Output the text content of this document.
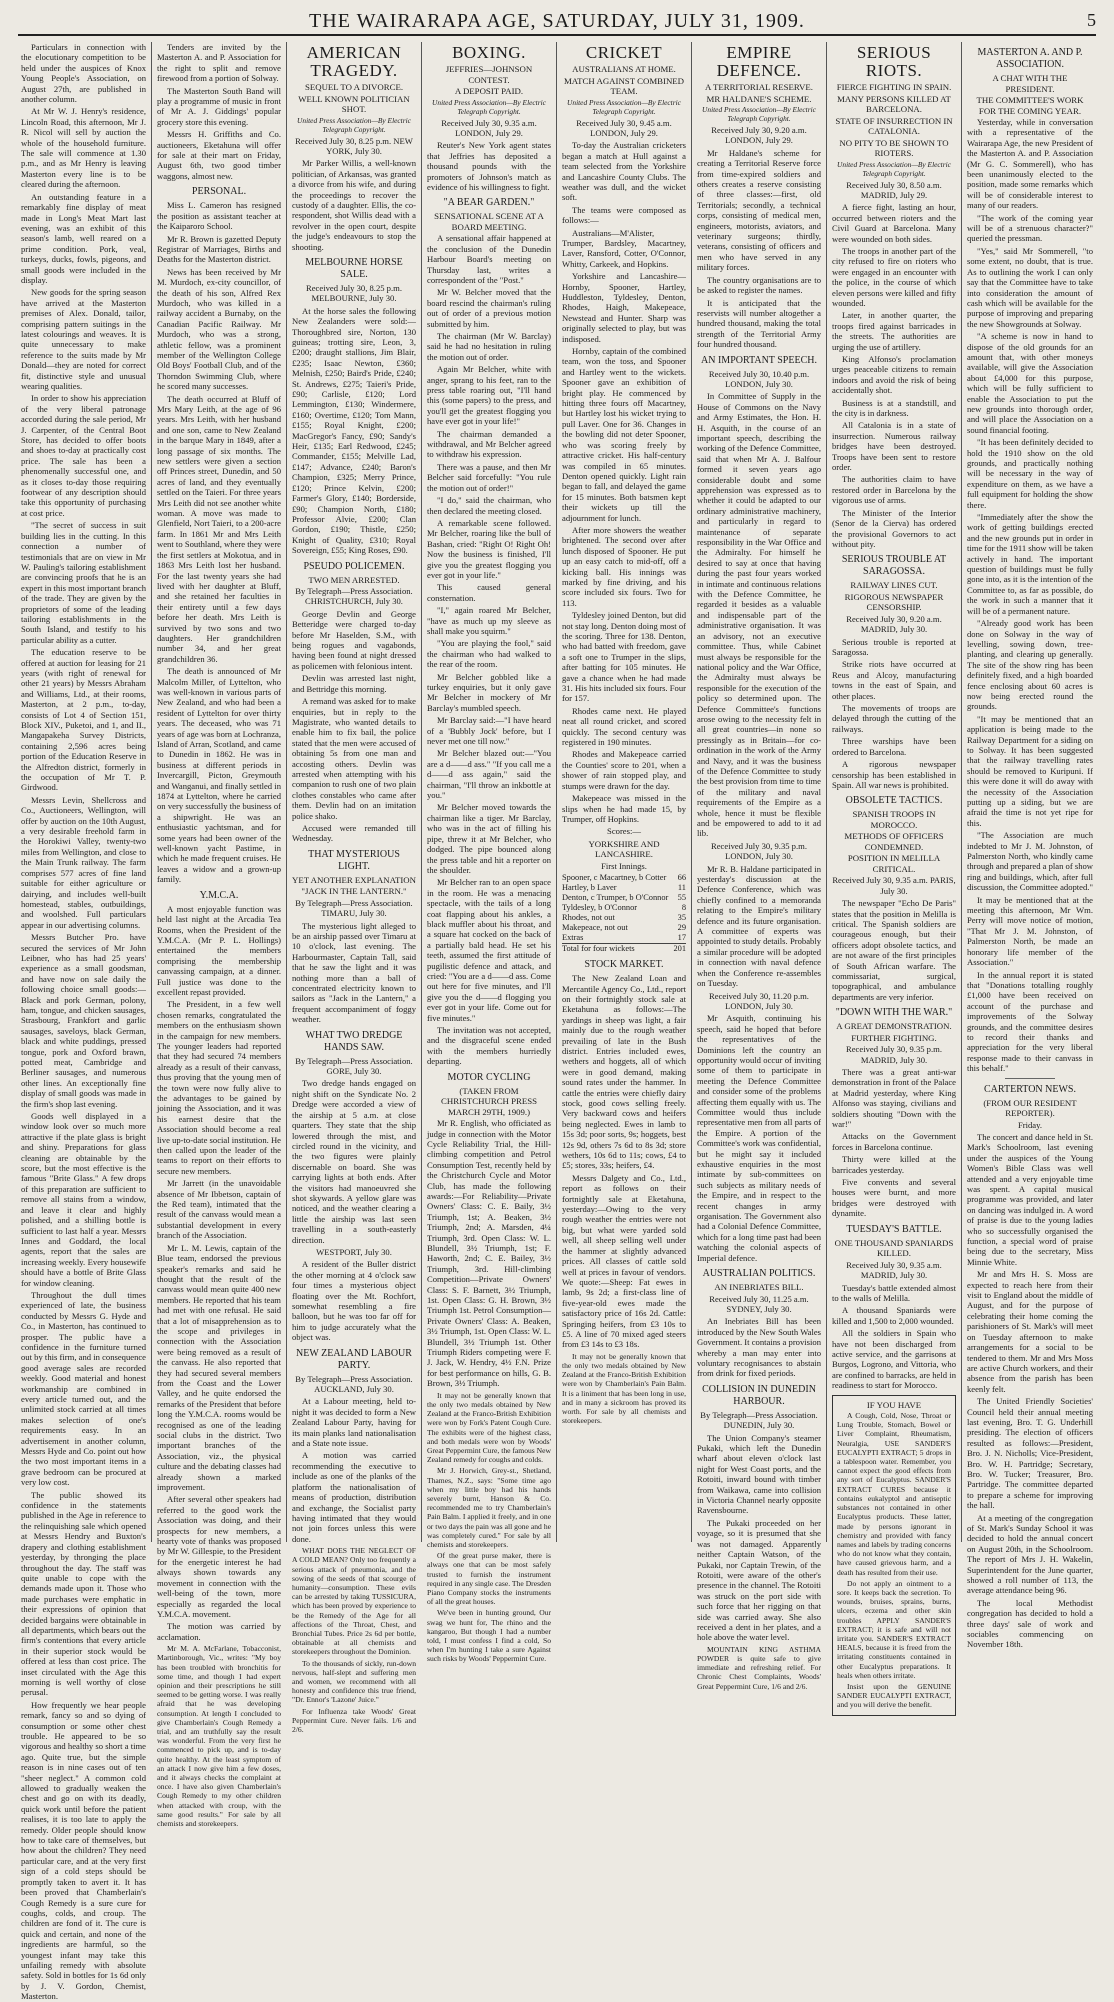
THE WAIRARAPA AGE, SATURDAY, JULY 31, 1909.	5

Particulars in connection with the elocutionary competition to be held under the auspices of Knox Young People's Association, on August 27th, are published in another column.

At Mr W. J. Henry's residence, Lincoln Road, this afternoon, Mr J. R. Nicol will sell by auction the whole of the household furniture. The sale will commence at 1.30 p.m., and as Mr Henry is leaving Masterton every line is to be cleared during the afternoon.

An outstanding feature in a remarkably fine display of meat made in Long's Meat Mart last evening, was an exhibit of this season's lamb, well reared on a prime condition. Pork, veal, turkeys, ducks, fowls, pigeons, and small goods were included in the display.

New goods for the spring season have arrived at the Masterton premises of Alex. Donald, tailor, comprising pattern suitings in the latest colourings and weaves. It is quite unnecessary to make reference to the suits made by Mr Donald—they are noted for correct fit, distinctive style and unusual wearing qualities.

In order to show his appreciation of the very liberal patronage accorded during the sale period, Mr J. Carpenter, of the Central Boot Store, has decided to offer boots and shoes to-day at practically cost price. The sale has been a phenomenally successful one, and as it closes to-day those requiring footwear of any description should take this opportunity of purchasing at cost price.

"The secret of success in suit building lies in the cutting. In this connection a number of testimonials that are on view in Mr W. Pauling's tailoring establishment are convincing proofs that he is an expert in this most important branch of the trade. They are given by the proprietors of some of the leading tailoring establishments in the South Island, and testify to his particular ability as a cutter.

The education reserve to be offered at auction for leasing for 21 years (with right of renewal for other 21 years) by Messrs Abraham and Williams, Ltd., at their rooms, Masterton, at 2 p.m., to-day, consists of Lot 4 of Section 151, Block XIV., Puketoi, and 1, and II., Mangapakeha Survey Districts, containing 2,596 acres being portion of the Education Reserve in the Alfredton district, formerly in the occupation of Mr T. P. Girdwood.

Messrs Levin, Shellcross and Co., Auctioneers, Wellington, will offer by auction on the 10th August, a very desirable freehold farm in the Horokiwi Valley, twenty-two miles from Wellington, and close to the Main Trunk railway. The farm comprises 577 acres of fine land suitable for either agriculture or dairying, and includes well-built homestead, stables, outbuildings, and woolshed. Full particulars appear in our advertising columns.

Messrs Butcher Pro. have secured the services of Mr John Leibner, who has had 25 years' experience as a small goodsman, and have now on sale daily the following choice small goods:—Black and pork German, polony, ham, tongue, and chicken sausages, Strasbourg, Frankfort and garlic sausages, saveloys, black German, black and white puddings, pressed tongue, pork and Oxford brawn, potted meat, Cambridge and Berliner sausages, and numerous other lines. An exceptionally fine display of small goods was made in the firm's shop last evening.

Goods well displayed in a window look over so much more attractive if the plate glass is bright and shiny. Preparations for glass cleaning are obtainable by the score, but the most effective is the famous "Brite Glass." A few drops of this preparation are sufficient to remove all stains from a window, and leave it clear and highly polished, and a shilling bottle is sufficient to last half a year. Messrs Innes and Goddard, the local agents, report that the sales are increasing weekly. Every housewife should have a bottle of Brite Glass for window cleaning.

Throughout the dull times experienced of late, the business conducted by Messrs G. Hyde and Co., in Masterton, has continued to prosper. The public have a confidence in the furniture turned out by this firm, and in consequence good average sales are recorded weekly. Good material and honest workmanship are combined in every article turned out, and the unlimited stock carried at all times makes selection of one's requirements easy. In an advertisement in another column, Messrs Hyde and Co. point out how the two most important items in a grave bedroom can be procured at very low cost.

The public showed its confidence in the statements published in the Age in reference to the relinquishing sale which opened at Messrs Hendry and Buxton's drapery and clothing establishment yesterday, by thronging the place throughout the day. The staff was quite unable to cope with the demands made upon it. Those who made purchases were emphatic in their expressions of opinion that decided bargains were obtainable in all departments, which bears out the firm's contentions that every article in their superior stock would be offered at less than cost price. The inset circulated with the Age this morning is well worthy of close perusal.

How frequently we hear people remark, fancy so and so dying of consumption or some other chest trouble. He appeared to be so vigorous and healthy so short a time ago. Quite true, but the simple reason is in nine cases out of ten "sheer neglect." A common cold allowed to gradually weaken the chest and go on with its deadly, quick work until before the patient realises, it is too late to apply the remedy. Older people should know how to take care of themselves, but how about the children? They need particular care, and at the very first sign of a cold steps should be promptly taken to avert it. It has been proved that Chamberlain's Cough Remedy is a sure cure for coughs, colds, and croup. The children are fond of it. The cure is quick and certain, and none of the ingredients are harmful, so the youngest infant may take this unfailing remedy with absolute safety. Sold in bottles for 1s 6d only by J. V. Gordon, Chemist, Masterton.

Tenders are invited by the Masterton A. and P. Association for the right to split and remove firewood from a portion of Solway.

The Masterton South Band will play a programme of music in front of Mr A. J. Giddings' popular grocery store this evening.

Messrs H. Griffiths and Co. auctioneers, Eketahuna will offer for sale at their mart on Friday, August 6th, two good timber waggons, almost new.

PERSONAL.

Miss L. Cameron has resigned the position as assistant teacher at the Kaiparoro School.

Mr R. Brown is gazetted Deputy Registrar of Marriages, Births and Deaths for the Masterton district.

News has been received by Mr M. Murdoch, ex-city councillor, of the death of his son, Alfred Rex Murdoch, who was killed in a railway accident a Burnaby, on the Canadian Pacific Railway. Mr Murdoch, who was a strong, athletic fellow, was a prominent member of the Wellington College Old Boys' Football Club, and of the Thorndon Swimming Club, where he scored many successes.

The death occurred at Bluff of Mrs Mary Leith, at the age of 96 years. Mrs Leith, with her husband and one son, came to New Zealand in the barque Mary in 1849, after a long passage of six months. The new settlers were given a section off Princes street, Dunedin, and 50 acres of land, and they eventually settled on the Taieri. For three years Mrs Leith did not see another white woman. A move was made to Glenfield, Nort Taieri, to a 200-acre farm. In 1861 Mr and Mrs Leith went to Southland, where they were the first settlers at Mokotua, and in 1863 Mrs Leith lost her husband. For the last twenty years she had lived with her daughter at Bluff, and she retained her faculties in their entirety until a few days before her death. Mrs Leith is survived by two sons and two daughters. Her grandchildren number 34, and her great grandchildren 36.

The death is announced of Mr Malcolm Miller, of Lyttelton, who was well-known in various parts of New Zealand, and who had been a resident of Lyttelton for over thirty years. The deceased, who was 71 years of age was born at Lochranza, Island of Arran, Scotland, and came to Dunedin in 1862. He was in business at different periods in Invercargill, Picton, Greymouth and Wanganui, and finally settled in 1874 at Lyttelton, where he carried on very successfully the business of a shipwright. He was an enthusiastic yachtsman, and for some years had been owner of the well-known yacht Pastime, in which he made frequent cruises. He leaves a widow and a grown-up family.

Y.M.C.A.

A most enjoyable function was held last night at the Arcadia Tea Rooms, when the President of the Y.M.C.A. (Mr P. L. Hollings) entertained the members comprising the membership canvassing campaign, at a dinner. Full justice was done to the excellent repast provided.

The President, in a few well chosen remarks, congratulated the members on the enthusiasm shown in the campaign for new members. The younger leaders had reported that they had secured 74 members already as a result of their canvass, thus proving that the young men of the town were now fully alive to the advantages to be gained by joining the Association, and it was his earnest desire that the Association should become a real live up-to-date social institution. He then called upon the leader of the teams to report on their efforts to secure new members.

Mr Jarrett (in the unavoidable absence of Mr Ibbetson, captain of the Red team), intimated that the result of the canvass would mean a substantial development in every branch of the Association.

Mr L. M. Lewis, captain of the Blue team, endorsed the previous speaker's remarks and said he thought that the result of the canvass would mean quite 400 new members. He reported that his team had met with one refusal. He said that a lot of misapprehension as to the scope and privileges in connection with the Association were being removed as a result of the canvass. He also reported that they had secured several members from the Coast and the Lower Valley, and he quite endorsed the remarks of the President that before long the Y.M.C.A. rooms would be recognised as one of the leading social clubs in the district. Two important branches of the Association, viz., the physical culture and the debating classes had already shown a marked improvement.

After several other speakers had referred to the good work the Association was doing, and their prospects for new members, a hearty vote of thanks was proposed by Mr W. Gillespie, to the President for the energetic interest he had always shown towards any movement in connection with the well-being of the town, more especially as regarded the local Y.M.C.A. movement.

The motion was carried by acclamation.

Mr M. A. McFarlane, Tobacconist, Martinborough, Vic., writes: "My boy has been troubled with bronchitis for some time, and though I had expert opinion and their prescriptions he still seemed to be getting worse. I was really afraid that he was developing consumption. At length I concluded to give Chamberlain's Cough Remedy a trial, and am truthfully say the result was wonderful. From the very first he commenced to pick up, and is to-day quite healthy. At the least symptom of an attack I now give him a few doses, and it always checks the complaint at once. I have also given Chamberlain's Cough Remedy to my other children when attacked with croup, with the same good results." For sale by all chemists and storekeepers.

AMERICAN TRAGEDY.
SEQUEL TO A DIVORCE.
WELL KNOWN POLITICIAN SHOT.
United Press Association—By Electric Telegraph Copyright.

Received July 30, 8.25 p.m. NEW YORK, July 30.

Mr Parker Willis, a well-known politician, of Arkansas, was granted a divorce from his wife, and during the proceedings to recover the custody of a daughter. Ellis, the co-respondent, shot Willis dead with a revolver in the open court, despite the judge's endeavours to stop the shooting.

MELBOURNE HORSE SALE.

Received July 30, 8.25 p.m. MELBOURNE, July 30.

At the horse sales the following New Zealanders were sold:—Thoroughbred sire, Norton, 130 guineas; trotting sire, Leon, 3, £200; draught stallions, Jim Blair, £235; Isaac Newton, £360; Melnish, £250; Baird's Pride, £240; St. Andrews, £275; Taieri's Pride, £90; Carlisle, £120; Lord Lemmington, £130; Windermere, £160; Overtime, £120; Tom Mann, £155; Royal Knight, £200; MacGregor's Fancy, £90; Sandy's Heir, £135; Earl Redwood, £245; Commander, £155; Melville Lad, £147; Advance, £240; Baron's Champion, £325; Merry Prince, £120; Prince Kelvin, £200; Farmer's Glory, £140; Borderside, £90; Champion North, £180; Professor Alvie, £200; Clan Gordon, £190; Thistle, £250; Knight of Quality, £310; Royal Sovereign, £55; King Roses, £90.

PSEUDO POLICEMEN.
TWO MEN ARRESTED.

By Telegraph—Press Association. CHRISTCHURCH, July 30.

George Devlin and George Betteridge were charged to-day before Mr Haselden, S.M., with being rogues and vagabonds, having been found at night dressed as policemen with felonious intent.

Devlin was arrested last night, and Bettridge this morning.

A remand was asked for to make enquiries, but in reply to the Magistrate, who wanted details to enable him to fix bail, the police stated that the men were accused of obtaining 5s from one man and accosting others. Devlin was arrested when attempting with his companion to rush one of two plain clothes constables who came after them. Devlin had on an imitation police shako.

Accused were remanded till Wednesday.

THAT MYSTERIOUS LIGHT.
YET ANOTHER EXPLANATION
"JACK IN THE LANTERN."

By Telegraph—Press Association. TIMARU, July 30.

The mysterious light alleged to be an airship passed over Timaru at 10 o'clock, last evening. The Harbourmaster, Captain Tall, said that he saw the light and it was nothing more than a ball of concentrated electricity known to sailors as "Jack in the Lantern," a frequent accompaniment of foggy weather.

WHAT TWO DREDGE HANDS SAW.

By Telegraph—Press Association. GORE, July 30.

Two dredge hands engaged on night shift on the Syndicate No. 2 Dredge were accorded a view of the airship at 5 a.m. at close quarters. They state that the ship lowered through the mist, and circled round in the vicinity, and the two figures were plainly discernable on board. She was carrying lights at both ends. After the visitors had manoeuvred she shot skywards. A yellow glare was noticed, and the weather clearing a little the airship was last seen travelling in a south-easterly direction.

WESTPORT, July 30.

A resident of the Buller district the other morning at 4 o'clock saw four times a mysterious object floating over the Mt. Rochfort, somewhat resembling a fire balloon, but he was too far off for him to judge accurately what the object was.

NEW ZEALAND LABOUR PARTY.

By Telegraph—Press Association. AUCKLAND, July 30.

At a Labour meeting, held to-night it was decided to form a New Zealand Labour Party, having for its main planks land nationalisation and a State note issue.

A motion was carried recommending the executive to include as one of the planks of the platform the nationalisation of means of production, distribution and exchange, the Socialist party having intimated that they would not join forces unless this were done.

WHAT DOES THE NEGLECT OF A COLD MEAN? Only too frequently a serious attack of pneumonia, and the sowing of the seeds of that scourge of humanity—consumption. These evils can be arrested by taking TUSSICURA, which has been proved by experience to be the Remedy of the Age for all affections of the Throat, Chest, and Bronchial Tubes. Price 2s 6d per bottle, obtainable at all chemists and storekeepers throughout the Dominion.

To the thousands of sickly, run-down nervous, half-slept and suffering men and women, we recommend with all honesty and confidence this true friend, "Dr. Ennor's 'Lazone' Juice."

For Influenza take Woods' Great Peppermint Cure. Never fails. 1/6 and 2/6.

BOXING.
JEFFRIES—JOHNSON CONTEST.
A DEPOSIT PAID.
United Press Association—By Electric Telegraph Copyright.

Received July 30, 9.35 a.m. LONDON, July 29.

Reuter's New York agent states that Jeffries has deposited a thousand pounds with the promoters of Johnson's match as evidence of his willingness to fight.

"A BEAR GARDEN."
SENSATIONAL SCENE AT A BOARD MEETING.

A sensational affair happened at the conclusion of the Dunedin Harbour Board's meeting on Thursday last, writes a correspondent of the "Post."

Mr W. Belcher moved that the board rescind the chairman's ruling out of order of a previous motion submitted by him.

The chairman (Mr W. Barclay) said he had no hesitation in ruling the motion out of order.

Again Mr Belcher, white with anger, sprang to his feet, ran to the press table roaring out, "I'll hand this (some papers) to the press, and you'll get the greatest flogging you have ever got in your life!"

The chairman demanded a withdrawal, and Mr Belcher agreed to withdraw his expression.

There was a pause, and then Mr Belcher said forcefully: "You rule the motion out of order!"

"I do," said the chairman, who then declared the meeting closed.

A remarkable scene followed. Mr Belcher, roaring like the bull of Bashan, cried: "Right O! Right Oh! Now the business is finished, I'll give you the greatest flogging you ever got in your life."

This caused general consternation.

"I," again roared Mr Belcher, "have as much up my sleeve as shall make you squirm."

"You are playing the fool," said the chairman who had walked to the rear of the room.

Mr Belcher gobbled like a turkey enquiries, but it only gave Mr Belcher in mockery of Mr Barclay's mumbled speech.

Mr Barclay said:—"I have heard of a 'Bubbly Jock' before, but I never met one till now."

Mr Belcher blazed out:—"You are a d——d ass." "If you call me a d——d ass again," said the chairman, "I'll throw an inkbottle at you."

Mr Belcher moved towards the chairman like a tiger. Mr Barclay, who was in the act of filling his pipe, threw it at Mr Belcher, who dodged. The pipe bounced along the press table and hit a reporter on the shoulder.

Mr Belcher ran to an open space in the room. He was a menacing spectacle, with the tails of a long coat flapping about his ankles, a black muffler about his throat, and a square hat cocked on the back of a partially bald head. He set his teeth, assumed the first attitude of pugilistic defence and attack, and cried: "You are a d——d ass. Come out here for five minutes, and I'll give you the d——d flogging you ever got in your life. Come out for five minutes."

The invitation was not accepted, and the disgraceful scene ended with the members hurriedly departing.

MOTOR CYCLING
(TAKEN FROM CHRISTCHURCH PRESS MARCH 29TH, 1909.)

Mr R. English, who officiated as judge in connection with the Motor Cycle Reliability Trial, the Hill-climbing competition and Petrol Consumption Test, recently held by the Christchurch Cycle and Motor Club, has made the following awards:—For Reliability—Private Owners' Class: C. E. Baily, 3½ Triumph, 1st; A. Beaken, 3½ Triumph, 2nd; A. Marsden, 4¼ Triumph, 3rd. Open Class: W. L. Blundell, 3½ Triumph, 1st; F. Haworth, 2nd; C. E. Bailey, 3½ Triumph, 3rd. Hill-climbing Competition—Private Owners' Class: S. F. Barnett, 3½ Triumph, 1st. Open Class: G. H. Brown, 3½ Triumph 1st. Petrol Consumption—Private Owners' Class: A. Beaken, 3½ Triumph, 1st. Open Class: W. L. Blundell, 3½ Triumph 1st. Other Triumph Riders competing were F. J. Jack, W. Hendry, 4½ F.N. Prize for best performance on hills, G. B. Brown, 3½ Triumph.

It may not be generally known that the only two medals obtained by New Zealand at the Franco-British Exhibition were won by Fork's Patent Cough Cure. The exhibits were of the highest class, and both medals were won by Woods' Great Peppermint Cure, the famous New Zealand remedy for coughs and colds.

Mr J. Horwich, Grey-st., Shetland, Thames, N.Z., says: "Some time ago when my little boy had his hands severely burnt, Hanson & Co. recommended me to try Chamberlain's Pain Balm. I applied it freely, and in one or two days the pain was all gone and he was completely cured." For sale by all chemists and storekeepers.

Of the great purse maker, there is always one that can be most safely trusted to furnish the instrument required in any single case. The Dresden Piano Company stocks the instruments of all the great houses.

We've been in hunting ground, Our swag we hunt for, The rhino and the kangaroo, But though I had a number told, I must confess I find a cold, So when I'm hunting I take a sure Against such risks by Woods' Peppermint Cure.

CRICKET
AUSTRALIANS AT HOME.
MATCH AGAINST COMBINED TEAM.
United Press Association—By Electric Telegraph Copyright.

Received July 30, 9.45 a.m. LONDON, July 29.

To-day the Australian cricketers began a match at Hull against a team selected from the Yorkshire and Lancashire County Clubs. The weather was dull, and the wicket soft.

The teams were composed as follows:—

Australians—M'Alister, Trumper, Bardsley, Macartney, Laver, Ransford, Cotter, O'Connor, Whitty, Carkeek, and Hopkins.

Yorkshire and Lancashire—Hornby, Spooner, Hartley, Huddleston, Tyldesley, Denton, Rhodes, Haigh, Makepeace, Newstead and Hunter. Sharp was originally selected to play, but was indisposed.

Hornby, captain of the combined team, won the toss, and Spooner and Hartley went to the wickets. Spooner gave an exhibition of bright play. He commenced by hitting three fours off Macartney, but Hartley lost his wicket trying to pull Laver. One for 36. Changes in the bowling did not deter Spooner, who was scoring freely by attractive cricket. His half-century was compiled in 65 minutes. Denton opened quickly. Light rain began to fall, and delayed the game for 15 minutes. Both batsmen kept their wickets up till the adjournment for lunch.

After more showers the weather brightened. The second over after lunch disposed of Spooner. He put up an easy catch to mid-off, off a kicking ball. His innings was marked by fine driving, and his score included six fours. Two for 113.

Tyldesley joined Denton, but did not stay long. Denton doing most of the scoring. Three for 138. Denton, who had batted with freedom, gave a soft one to Trumper in the slips, after batting for 105 minutes. He gave a chance when he had made 31. His hits included six fours. Four for 157.

Rhodes came next. He played neat all round cricket, and scored quickly. The second century was registered in 190 minutes.

Rhodes and Makepeace carried the Counties' score to 201, when a shower of rain stopped play, and stumps were drawn for the day.

Makepeace was missed in the slips when he had made 15, by Trumper, off Hopkins.

Scores:—

YORKSHIRE AND LANCASHIRE.

First Innings.

Spooner, c Macartney, b Cotter	66
Hartley, b Laver	11
Denton, c Trumper, b O'Connor	55
Tyldesley, b O'Connor	8
Rhodes, not out	35
Makepeace, not out	29
Extras	17
Total for four wickets	201
STOCK MARKET.

The New Zealand Loan and Mercantile Agency Co., Ltd., report on their fortnightly stock sale at Eketahuna as follows:—The yardings in sheep was light, a fair mainly due to the rough weather prevailing of late in the Bush district. Entries included ewes, wethers and hoggets, all of which were in good demand, making sound rates under the hammer. In cattle the entries were chiefly dairy stock, good cows selling freely. Very backward cows and heifers being neglected. Ewes in lamb to 15s 3d; poor sorts, 9s; hoggets, best 12s 9d, others 7s 6d to 8s 3d; store wethers, 10s 6d to 11s; cows, £4 to £5; stores, 33s; heifers, £4.

Messrs Dalgety and Co., Ltd., report as follows on their fortnightly sale at Eketahuna, yesterday:—Owing to the very rough weather the entries were not big, but what were yarded sold well, all sheep selling well under the hammer at slightly advanced prices. All classes of cattle sold well at prices in favour of vendors. We quote:—Sheep: Fat ewes in lamb, 9s 2d; a first-class line of five-year-old ewes made the satisfactory price of 16s 2d. Cattle: Springing heifers, from £3 10s to £5. A line of 70 mixed aged steers from £3 14s to £3 18s.

It may not be generally known that the only two medals obtained by New Zealand at the Franco-British Exhibition were won by Chamberlain's Pain Balm. It is a liniment that has been long in use, and in many a sickroom has proved its worth. For sale by all chemists and storekeepers.

EMPIRE DEFENCE.
A TERRITORIAL RESERVE.
MR HALDANE'S SCHEME.
United Press Association—By Electric Telegraph Copyright.

Received July 30, 9.20 a.m. LONDON, July 29.

Mr Haldane's scheme for creating a Territorial Reserve force from time-expired soldiers and others creates a reserve consisting of three classes:—first, old Territorials; secondly, a technical corps, consisting of medical men, engineers, motorists, aviators, and veterinary surgeons; thirdly, veterans, consisting of officers and men who have served in any military forces.

The country organisations are to be asked to register the names.

It is anticipated that the reservists will number altogether a hundred thousand, making the total strength of the Territorial Army four hundred thousand.

AN IMPORTANT SPEECH.

Received July 30, 10.40 p.m. LONDON, July 30.

In Committee of Supply in the House of Commons on the Navy and Army Estimates, the Hon. H. H. Asquith, in the course of an important speech, describing the working of the Defence Committee, said that when Mr A. J. Balfour formed it seven years ago considerable doubt and some apprehension was expressed as to whether it could be adapted to our ordinary administrative machinery, and particularly in regard to maintenance of separate responsibility in the War Office and the Admiralty. For himself he desired to say at once that having during the past four years worked in intimate and continuous relations with the Defence Committee, he regarded it besides as a valuable and indispensable part of the administrative organisation. It was an advisory, not an executive committee. Thus, while Cabinet must always be responsible for the national policy and the War Office, the Admiralty must always be responsible for the execution of the policy so determined upon. The Defence Committee's functions arose owing to the necessity felt in all great countries—in none so pressingly as in Britain—for co-ordination in the work of the Army and Navy, and it was the business of the Defence Committee to study the best provision from time to time of the military and naval requirements of the Empire as a whole, hence it must be flexible and be empowered to add to it ad lib.

Received July 30, 9.35 p.m. LONDON, July 30.

Mr R. B. Haldane participated in yesterday's discussion at the Defence Conference, which was chiefly confined to a memoranda relating to the Empire's military defence and its future organisation. A committee of experts was appointed to study details. Probably a similar procedure will be adopted in connection with naval defence when the Conference re-assembles on Tuesday.

Received July 30, 11.20 p.m. LONDON, July 30.

Mr Asquith, continuing his speech, said he hoped that before the representatives of the Dominions left the country an opportunity would occur of inviting some of them to participate in meeting the Defence Committee and consider some of the problems affecting them equally with us. The Committee would thus include representative men from all parts of the Empire. A portion of the Committee's work was confidential, but he might say it included exhaustive enquiries in the most intimate by sub-committees on such subjects as military needs of the Empire, and in respect to the recent changes in army organisation. The Government also had a Colonial Defence Committee, which for a long time past had been watching the colonial aspects of Imperial defence.

AUSTRALIAN POLITICS.
AN INEBRIATES BILL.

Received July 30, 11.25 a.m. SYDNEY, July 30.

An Inebriates Bill has been introduced by the New South Wales Government. It contains a provision whereby a man may enter into voluntary recognisances to abstain from drink for fixed periods.

COLLISION IN DUNEDIN HARBOUR.

By Telegraph—Press Association. DUNEDIN, July 30.

The Union Company's steamer Pukaki, which left the Dunedin wharf about eleven o'clock last night for West Coast ports, and the Rotoiti, inward bound with timber from Waikawa, came into collision in Victoria Channel nearly opposite Ravensbourne.

The Pukaki proceeded on her voyage, so it is presumed that she was not damaged. Apparently neither Captain Watson, of the Pukaki, nor Captain Trewin, of the Rotoiti, were aware of the other's presence in the channel. The Rotoiti was struck on the port side with such force that her rigging on that side was carried away. She also received a dent in her plates, and a hole above the water level.

MOUNTAIN KING ASTHMA POWDER is quite safe to give immediate and refreshing relief. For Chronic Chest Complaints, Woods' Great Peppermint Cure, 1/6 and 2/6.

SERIOUS RIOTS.
FIERCE FIGHTING IN SPAIN.
MANY PERSONS KILLED AT BARCELONA.
STATE OF INSURRECTION IN CATALONIA.
NO PITY TO BE SHOWN TO RIOTERS.
United Press Association—By Electric Telegraph Copyright.

Received July 30, 8.50 a.m. MADRID, July 29.

A fierce fight, lasting an hour, occurred between rioters and the Civil Guard at Barcelona. Many were wounded on both sides.

The troops in another part of the city refused to fire on rioters who were engaged in an encounter with the police, in the course of which eleven persons were killed and fifty wounded.

Later, in another quarter, the troops fired against barricades in the streets. The authorities are urging the use of artillery.

King Alfonso's proclamation urges peaceable citizens to remain indoors and avoid the risk of being accidentally shot.

Business is at a standstill, and the city is in darkness.

All Catalonia is in a state of insurrection. Numerous railway bridges have been destroyed. Troops have been sent to restore order.

The authorities claim to have restored order in Barcelona by the vigorous use of arms.

The Minister of the Interior (Senor de la Cierva) has ordered the provisional Governors to act without pity.

SERIOUS TROUBLE AT SARAGOSSA.
RAILWAY LINES CUT.
RIGOROUS NEWSPAPER CENSORSHIP.

Received July 30, 9.20 a.m. MADRID, July 30.

Serious trouble is reported at Saragossa.

Strike riots have occurred at Reus and Alcoy, manufacturing towns in the east of Spain, and other places.

The movements of troops are delayed through the cutting of the railways.

Three warships have been ordered to Barcelona.

A rigorous newspaper censorship has been established in Spain. All war news is prohibited.

OBSOLETE TACTICS.
SPANISH TROOPS IN MOROCCO.
METHODS OF OFFICERS CONDEMNED.
POSITION IN MELILLA CRITICAL.

Received July 30, 9.35 a.m. PARIS, July 30.

The newspaper "Echo De Paris" states that the position in Melilla is critical. The Spanish soldiers are courageous enough, but their officers adopt obsolete tactics, and are not aware of the first principles of South African warfare. The commissariat, surgical, topographical, and ambulance departments are very inferior.

"DOWN WITH THE WAR."
A GREAT DEMONSTRATION.
FURTHER FIGHTING.

Received July 30, 9.35 p.m. MADRID, July 30.

There was a great anti-war demonstration in front of the Palace at Madrid yesterday, where King Alfonso was staying, civilians and soldiers shouting "Down with the war!"

Attacks on the Government forces in Barcelona continue.

Thirty were killed at the barricades yesterday.

Five convents and several houses were burnt, and more bridges were destroyed with dynamite.

TUESDAY'S BATTLE.
ONE THOUSAND SPANIARDS KILLED.

Received July 30, 9.35 a.m. MADRID, July 30.

Tuesday's battle extended almost to the walls of Melilla.

A thousand Spaniards were killed and 1,500 to 2,000 wounded.

All the soldiers in Spain who have not been discharged from active service, and the garrisons at Burgos, Logrono, and Vittoria, who are confined to barracks, are held in readiness to start for Morocco.

IF YOU HAVE

A Cough, Cold, Nose, Throat or Lung Trouble, Stomach, Bowel or Liver Complaint, Rheumatism, Neuralgia, USE SANDER'S EUCALYPTI EXTRACT; 5 drops in a tablespoon water. Remember, you cannot expect the good effects from any sort of Eucalyptus. SANDER'S EXTRACT CURES because it contains eukalyptol and antiseptic substances not contained in other Eucalyptus products. These latter, made by persons ignorant in chemistry and provided with fancy names and labels by trading concerns who do not know what they contain, have caused grievous harm, and a death has resulted from their use.

Do not apply an ointment to a sore. It keeps back the secretion. To wounds, bruises, sprains, burns, ulcers, eczema and other skin troubles APPLY SANDER'S EXTRACT; it is safe and will not irritate you. SANDER'S EXTRACT HEALS, because it is freed from the irritating constituents contained in other Eucalyptus preparations. It heals when others irritate.

Insist upon the GENUINE SANDER EUCALYPTI EXTRACT, and you will derive the benefit.

MASTERTON A. AND P. ASSOCIATION.
A CHAT WITH THE PRESIDENT.
THE COMMITTEE'S WORK FOR THE COMING YEAR.

Yesterday, while in conversation with a representative of the Wairarapa Age, the new President of the Masterton A. and P. Association (Mr G. C. Sommerell), who has been unanimously elected to the position, made some remarks which will be of considerable interest to many of our readers.

"The work of the coming year will be of a strenuous character?" queried the pressman.

"Yes," said Mr Sommerell, "to some extent, no doubt, that is true. As to outlining the work I can only say that the Committee have to take into consideration the amount of cash which will be available for the purpose of improving and preparing the new Showgrounds at Solway.

"A scheme is now in hand to dispose of the old grounds for an amount that, with other moneys available, will give the Association about £4,000 for this purpose, which will be fully sufficient to enable the Association to put the new grounds into thorough order, and will place the Association on a sound financial footing.

"It has been definitely decided to hold the 1910 show on the old grounds, and practically nothing will be necessary in the way of expenditure on them, as we have a full equipment for holding the show there.

"Immediately after the show the work of getting buildings erected and the new grounds put in order in time for the 1911 show will be taken actively in hand. The important question of buildings must be fully gone into, as it is the intention of the Committee to, as far as possible, do the work in such a manner that it will be of a permanent nature.

"Already good work has been done on Solway in the way of levelling, sowing down, tree-planting, and clearing up generally. The site of the show ring has been definitely fixed, and a high boarded fence enclosing about 60 acres is now being erected round the grounds.

"It may be mentioned that an application is being made to the Railway Department for a siding on to Solway. It has been suggested that the railway travelling rates should be removed to Kuripuni. If this were done it will do away with the necessity of the Association putting up a siding, but we are afraid the time is not yet ripe for this.

"The Association are much indebted to Mr J. M. Johnston, of Palmerston North, who kindly came through and prepared a plan of show ring and buildings, which, after full discussion, the Committee adopted."

It may be mentioned that at the meeting this afternoon, Mr Wm. Perry will move notice of motion, "That Mr J. M. Johnston, of Palmerston North, be made an honorary life member of the Association."

In the annual report it is stated that "Donations totalling roughly £1,000 have been received on account of the purchase and improvements of the Solway grounds, and the committee desires to record their thanks and appreciation for the very liberal response made to their canvass in this behalf."

CARTERTON NEWS.
(FROM OUR RESIDENT REPORTER).

Friday.

The concert and dance held in St. Mark's Schoolroom, last evening under the auspices of the Young Women's Bible Class was well attended and a very enjoyable time was spent. A capital musical programme was provided, and later on dancing was indulged in. A word of praise is due to the young ladies who so successfully organised the function, a special word of praise being due to the secretary, Miss Minnie White.

Mr and Mrs H. S. Moss are expected to reach here from their visit to England about the middle of August, and for the purpose of celebrating their home coming the parishioners of St. Mark's will meet on Tuesday afternoon to make arrangements for a social to be tendered to them. Mr and Mrs Moss are active Church workers, and their absence from the parish has been keenly felt.

The United Friendly Societies' Council held their annual meeting last evening, Bro. T. G. Underhill presiding. The election of officers resulted as follows:—President, Bro. J. N. Nicholls; Vice-President, Bro. W. H. Partridge; Secretary, Bro. W. Tucker; Treasurer, Bro. Partridge. The committee departed to prepare a scheme for improving the hall.

At a meeting of the congregation of St. Mark's Sunday School it was decided to hold the annual concert on August 20th, in the Schoolroom. The report of Mrs J. H. Wakelin, Superintendent for the June quarter, showed a roll number of 113, the average attendance being 96.

The local Methodist congregation has decided to hold a three days' sale of work and sociables commencing on November 18th.
